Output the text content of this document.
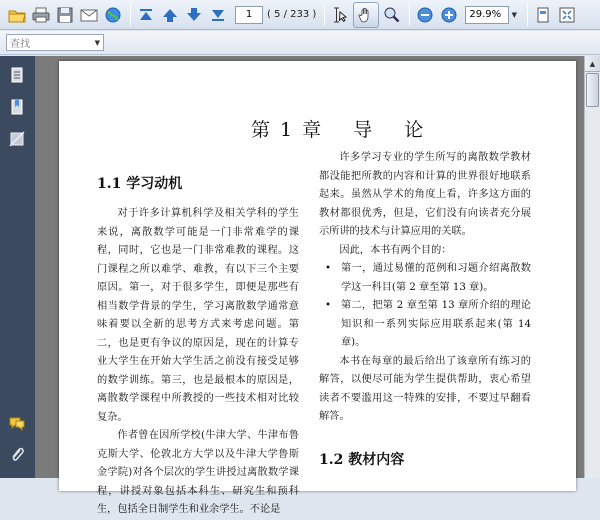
1	( 5 / 233 )	29.9%	▼
查找	▼
第 1 章 导 论
1.1 学习动机

对于许多计算机科学及相关学科的学生来说，离散数学可能是一门非常难学的课程，同时，它也是一门非常难教的课程。这门课程之所以难学、难教，有以下三个主要原因。第一，对于很多学生，即便是那些有相当数学背景的学生，学习离散数学通常意味着要以全新的思考方式来考虑问题。第二，也是更有争议的原因是，现在的计算专业大学生在开始大学生活之前没有接受足够的数学训练。第三，也是最根本的原因是，离散数学课程中所教授的一些技术相对比较复杂。

作者曾在因所学校(牛津大学、牛津布鲁克斯大学、伦敦北方大学以及牛津大学鲁斯金学院)对各个层次的学生讲授过离散数学课程，讲授对象包括本科生、研究生和预科生，包括全日制学生和业余学生。不论是

许多学习专业的学生所写的离散数学教材都没能把所教的内容和计算的世界很好地联系起来。虽然从学术的角度上看，许多这方面的教材都很优秀，但是，它们没有向读者充分展示所讲的技术与计算应用的关联。

因此，本书有两个目的：

• 第一，通过易懂的范例和习题介绍离散数学这一科目(第 2 章至第 13 章)。

• 第二，把第 2 章至第 13 章所介绍的理论知识和一系列实际应用联系起来(第 14 章)。

本书在每章的最后给出了该章所有练习的解答，以便尽可能为学生提供帮助，衷心希望读者不要滥用这一特殊的安排，不要过早翻看解答。

1.2 教材内容
▲
